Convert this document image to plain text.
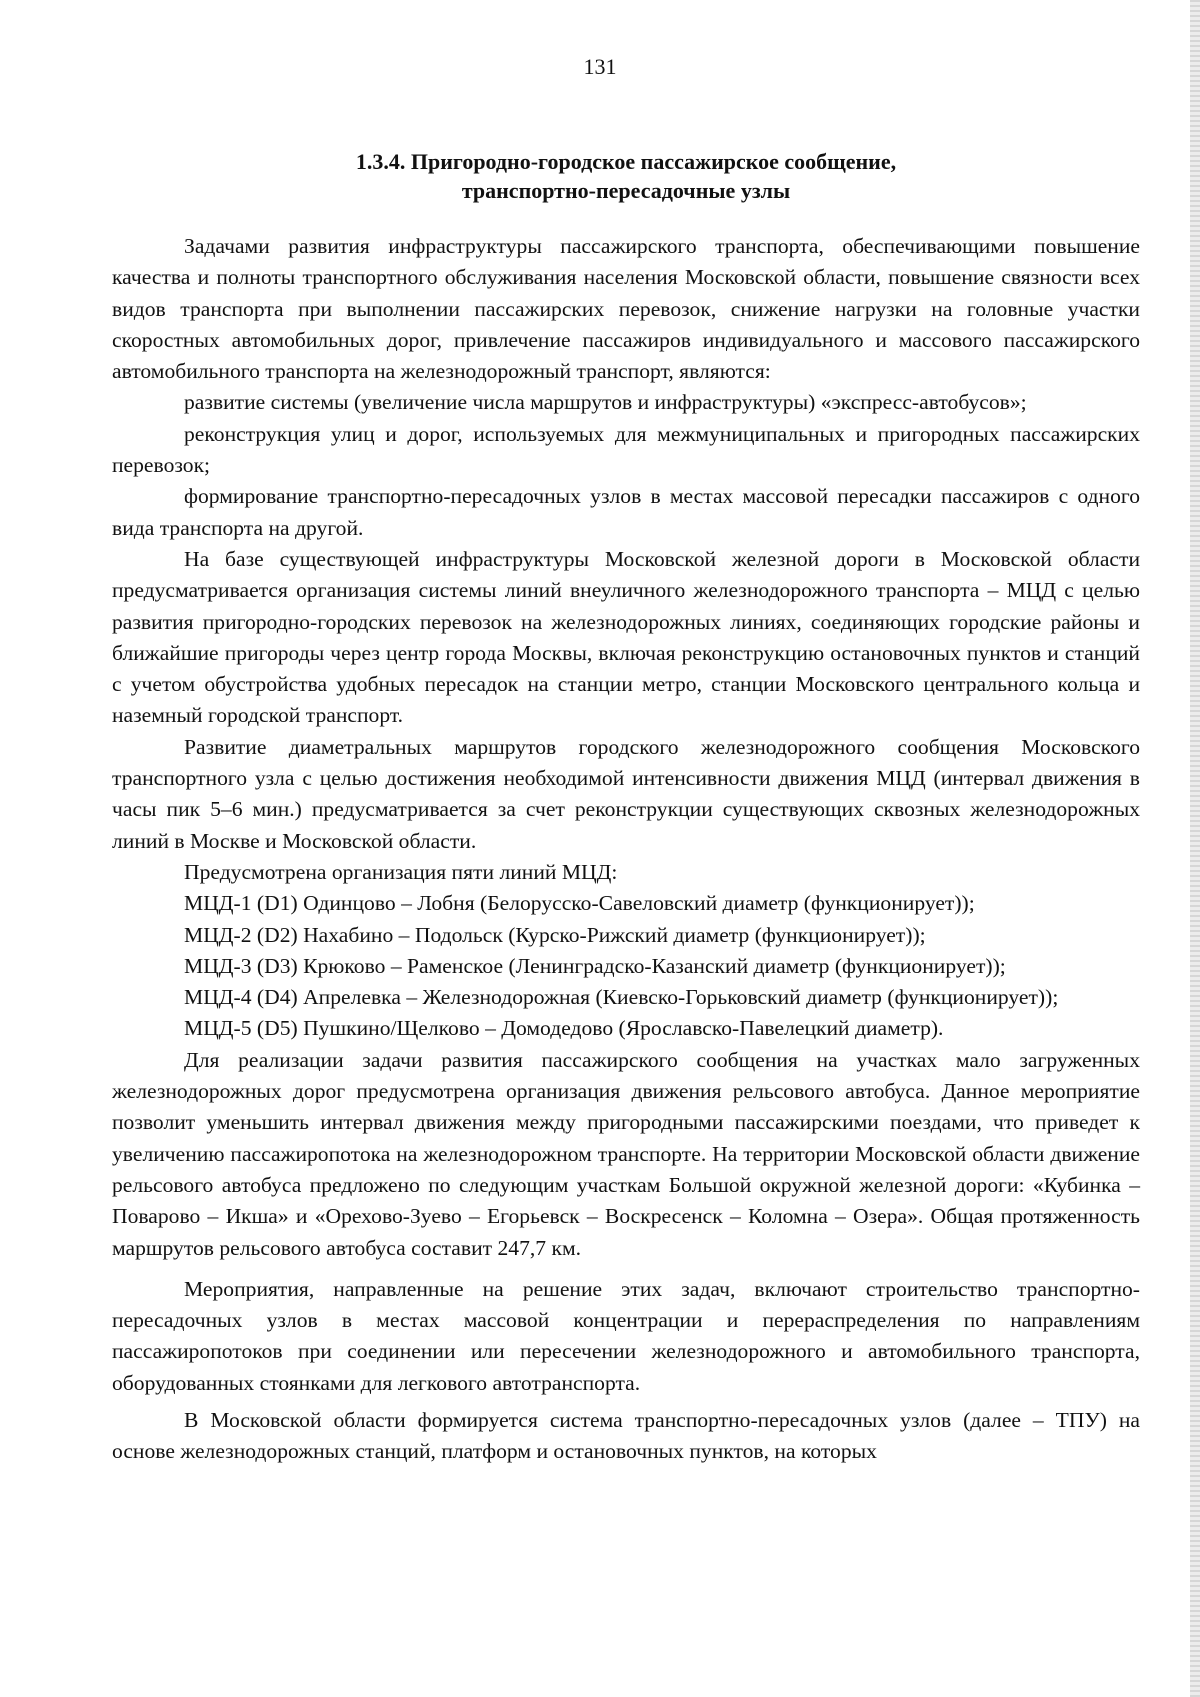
131
1.3.4. Пригородно-городское пассажирское сообщение,
транспортно-пересадочные узлы

Задачами развития инфраструктуры пассажирского транспорта, обеспечивающими повышение качества и полноты транспортного обслуживания населения Московской области, повышение связности всех видов транспорта при выполнении пассажирских перевозок, снижение нагрузки на головные участки скоростных автомобильных дорог, привлечение пассажиров индивидуального и массового пассажирского автомобильного транспорта на железнодорожный транспорт, являются:

развитие системы (увеличение числа маршрутов и инфраструктуры) «экспресс-автобусов»;

реконструкция улиц и дорог, используемых для межмуниципальных и пригородных пассажирских перевозок;

формирование транспортно-пересадочных узлов в местах массовой пересадки пассажиров с одного вида транспорта на другой.

На базе существующей инфраструктуры Московской железной дороги в Московской области предусматривается организация системы линий внеуличного железнодорожного транспорта – МЦД с целью развития пригородно-городских перевозок на железнодорожных линиях, соединяющих городские районы и ближайшие пригороды через центр города Москвы, включая реконструкцию остановочных пунктов и станций с учетом обустройства удобных пересадок на станции метро, станции Московского центрального кольца и наземный городской транспорт.

Развитие диаметральных маршрутов городского железнодорожного сообщения Московского транспортного узла с целью достижения необходимой интенсивности движения МЦД (интервал движения в часы пик 5–6 мин.) предусматривается за счет реконструкции существующих сквозных железнодорожных линий в Москве и Московской области.

Предусмотрена организация пяти линий МЦД:

МЦД-1 (D1) Одинцово – Лобня (Белорусско-Савеловский диаметр (функционирует));

МЦД-2 (D2) Нахабино – Подольск (Курско-Рижский диаметр (функционирует));

МЦД-3 (D3) Крюково – Раменское (Ленинградско-Казанский диаметр (функционирует));

МЦД-4 (D4) Апрелевка – Железнодорожная (Киевско-Горьковский диаметр (функционирует));

МЦД-5 (D5) Пушкино/Щелково – Домодедово (Ярославско-Павелецкий диаметр).

Для реализации задачи развития пассажирского сообщения на участках мало загруженных железнодорожных дорог предусмотрена организация движения рельсового автобуса. Данное мероприятие позволит уменьшить интервал движения между пригородными пассажирскими поездами, что приведет к увеличению пассажиропотока на железнодорожном транспорте. На территории Московской области движение рельсового автобуса предложено по следующим участкам Большой окружной железной дороги: «Кубинка – Поварово – Икша» и «Орехово-Зуево – Егорьевск – Воскресенск – Коломна – Озера». Общая протяженность маршрутов рельсового автобуса составит 247,7 км.

Мероприятия, направленные на решение этих задач, включают строительство транспортно-пересадочных узлов в местах массовой концентрации и перераспределения по направлениям пассажиропотоков при соединении или пересечении железнодорожного и автомобильного транспорта, оборудованных стоянками для легкового автотранспорта.

В Московской области формируется система транспортно-пересадочных узлов (далее – ТПУ) на основе железнодорожных станций, платформ и остановочных пунктов, на которых
